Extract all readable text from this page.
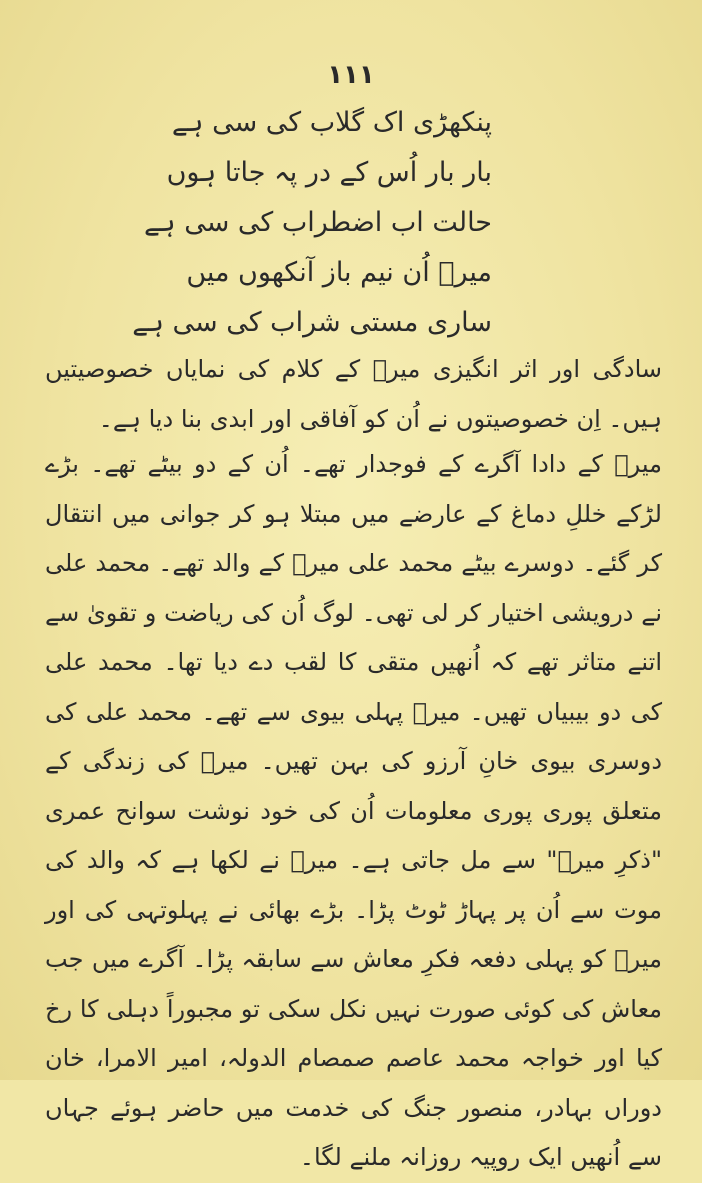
۱۱۱
پنکھڑی اک گلاب کی سی ہے
بار بار اُس کے در پہ جاتا ہوں
حالت اب اضطراب کی سی ہے
میرؔ اُن نیم باز آنکھوں میں
ساری مستی شراب کی سی ہے

سادگی اور اثر انگیزی میرؔ کے کلام کی نمایاں خصوصیتیں ہیں۔ اِن خصوصیتوں نے اُن کو آفاقی اور ابدی بنا دیا ہے۔

میرؔ کے دادا آگرے کے فوجدار تھے۔ اُن کے دو بیٹے تھے۔ بڑے لڑکے خللِ دماغ کے عارضے میں مبتلا ہو کر جوانی میں انتقال کر گئے۔ دوسرے بیٹے محمد علی میرؔ کے والد تھے۔ محمد علی نے درویشی اختیار کر لی تھی۔ لوگ اُن کی ریاضت و تقویٰ سے اتنے متاثر تھے کہ اُنھیں متقی کا لقب دے دیا تھا۔ محمد علی کی دو بیبیاں تھیں۔ میرؔ پہلی بیوی سے تھے۔ محمد علی کی دوسری بیوی خانِ آرزو کی بہن تھیں۔ میرؔ کی زندگی کے متعلق پوری پوری معلومات اُن کی خود نوشت سوانح عمری "ذکرِ میرؔ" سے مل جاتی ہے۔ میرؔ نے لکھا ہے کہ والد کی موت سے اُن پر پہاڑ ٹوٹ پڑا۔ بڑے بھائی نے پہلوتہی کی اور میرؔ کو پہلی دفعہ فکرِ معاش سے سابقہ پڑا۔ آگرے میں جب معاش کی کوئی صورت نہیں نکل سکی تو مجبوراً دہلی کا رخ کیا اور خواجہ محمد عاصم صمصام الدولہ، امیر الامرا، خان دوراں بہادر، منصور جنگ کی خدمت میں حاضر ہوئے جہاں سے اُنھیں ایک روپیہ روزانہ ملنے لگا۔
